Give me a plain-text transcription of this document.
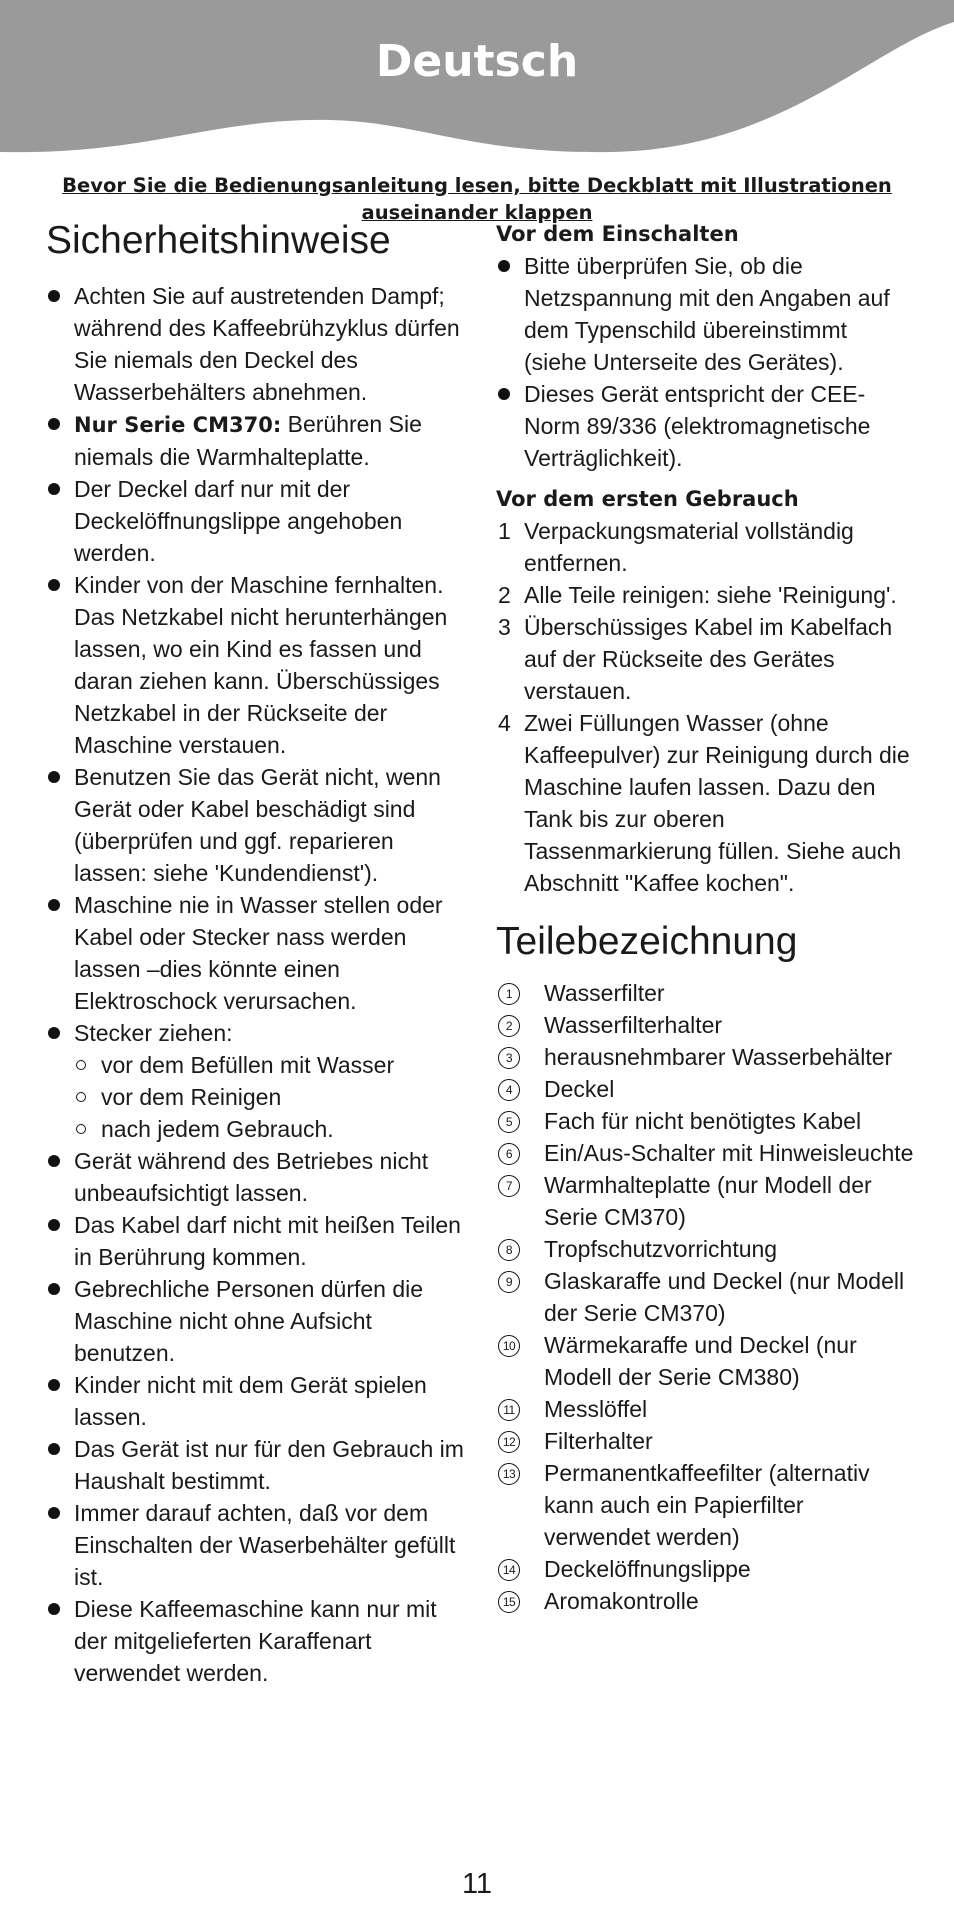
Deutsch
Bevor Sie die Bedienungsanleitung lesen, bitte Deckblatt mit Illustrationen auseinander klappen
Sicherheitshinweise
Achten Sie auf austretenden Dampf; während des Kaffeebrühzyklus dürfen Sie niemals den Deckel des Wasserbehälters abnehmen.
Nur Serie CM370: Berühren Sie niemals die Warmhalteplatte.
Der Deckel darf nur mit der Deckelöffnungslippe angehoben werden.
Kinder von der Maschine fernhalten. Das Netzkabel nicht herunterhängen lassen, wo ein Kind es fassen und daran ziehen kann. Überschüssiges Netzkabel in der Rückseite der Maschine verstauen.
Benutzen Sie das Gerät nicht, wenn Gerät oder Kabel beschädigt sind (überprüfen und ggf. reparieren lassen: siehe 'Kundendienst').
Maschine nie in Wasser stellen oder Kabel oder Stecker nass werden lassen –dies könnte einen Elektroschock verursachen.
Stecker ziehen:
vor dem Befüllen mit Wasser
vor dem Reinigen
nach jedem Gebrauch.
Gerät während des Betriebes nicht unbeaufsichtigt lassen.
Das Kabel darf nicht mit heißen Teilen in Berührung kommen.
Gebrechliche Personen dürfen die Maschine nicht ohne Aufsicht benutzen.
Kinder nicht mit dem Gerät spielen lassen.
Das Gerät ist nur für den Gebrauch im Haushalt bestimmt.
Immer darauf achten, daß vor dem Einschalten der Waserbehälter gefüllt ist.
Diese Kaffeemaschine kann nur mit der mitgelieferten Karaffenart verwendet werden.
Vor dem Einschalten
Bitte überprüfen Sie, ob die Netzspannung mit den Angaben auf dem Typenschild übereinstimmt (siehe Unterseite des Gerätes).
Dieses Gerät entspricht der CEE-Norm 89/336 (elektromagnetische Verträglichkeit).
Vor dem ersten Gebrauch
1 Verpackungsmaterial vollständig entfernen.
2 Alle Teile reinigen: siehe 'Reinigung'.
3 Überschüssiges Kabel im Kabelfach auf der Rückseite des Gerätes verstauen.
4 Zwei Füllungen Wasser (ohne Kaffeepulver) zur Reinigung durch die Maschine laufen lassen. Dazu den Tank bis zur oberen Tassenmarkierung füllen. Siehe auch Abschnitt "Kaffee kochen".
Teilebezeichnung
1	Wasserfilter
2	Wasserfilterhalter
3	herausnehmbarer Wasserbehälter
4	Deckel
5	Fach für nicht benötigtes Kabel
6	Ein/Aus-Schalter mit Hinweisleuchte
7	Warmhalteplatte (nur Modell der Serie CM370)
8	Tropfschutzvorrichtung
9	Glaskaraffe und Deckel (nur Modell der Serie CM370)
10 Wärmekaraffe und Deckel (nur Modell der Serie CM380)
11 Messlöffel
12 Filterhalter
13 Permanentkaffeefilter (alternativ kann auch ein Papierfilter verwendet werden)
14 Deckelöffnungslippe
15 Aromakontrolle
11
